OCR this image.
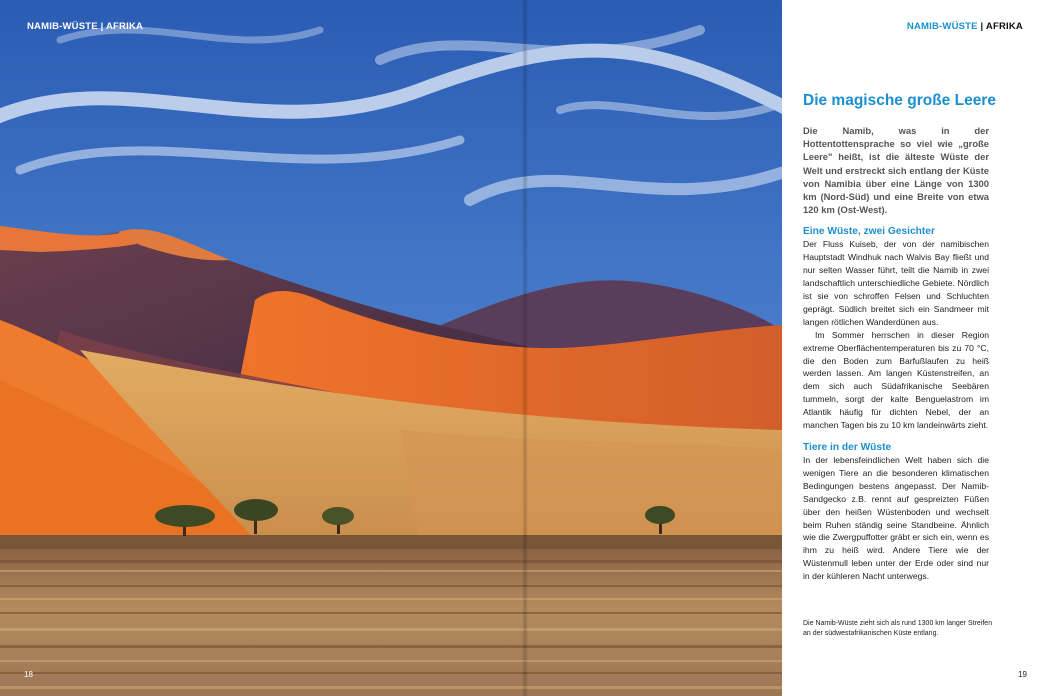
NAMIB-WÜSTE | AFRIKA	NAMIB-WÜSTE | AFRIKA
18	19
Die magische große Leere

Die Namib, was in der Hottentottensprache so viel wie „große Leere" heißt, ist die älteste Wüste der Welt und erstreckt sich entlang der Küste von Namibia über eine Länge von 1300 km (Nord-Süd) und eine Breite von etwa 120 km (Ost-West).

Eine Wüste, zwei Gesichter

Der Fluss Kuiseb, der von der namibischen Hauptstadt Windhuk nach Walvis Bay fließt und nur selten Wasser führt, teilt die Namib in zwei landschaftlich unterschiedliche Gebiete. Nördlich ist sie von schroffen Felsen und Schluchten geprägt. Südlich breitet sich ein Sandmeer mit langen rötlichen Wanderdünen aus.

Im Sommer herrschen in dieser Region extreme Oberflächentemperaturen bis zu 70 °C, die den Boden zum Barfußlaufen zu heiß werden lassen. Am langen Küstenstreifen, an dem sich auch Südafrikanische Seebären tummeln, sorgt der kalte Benguelastrom im Atlantik häufig für dichten Nebel, der an manchen Tagen bis zu 10 km landeinwärts zieht.

Tiere in der Wüste

In der lebensfeindlichen Welt haben sich die wenigen Tiere an die besonderen klimatischen Bedingungen bestens angepasst. Der Namib-Sandgecko z.B. rennt auf gespreizten Füßen über den heißen Wüstenboden und wechselt beim Ruhen ständig seine Standbeine. Ähnlich wie die Zwergpuffotter gräbt er sich ein, wenn es ihm zu heiß wird. Andere Tiere wie der Wüstenmull leben unter der Erde oder sind nur in der kühleren Nacht unterwegs.

Die Namib-Wüste zieht sich als rund 1300 km langer Streifen an der südwestafrikanischen Küste entlang.
